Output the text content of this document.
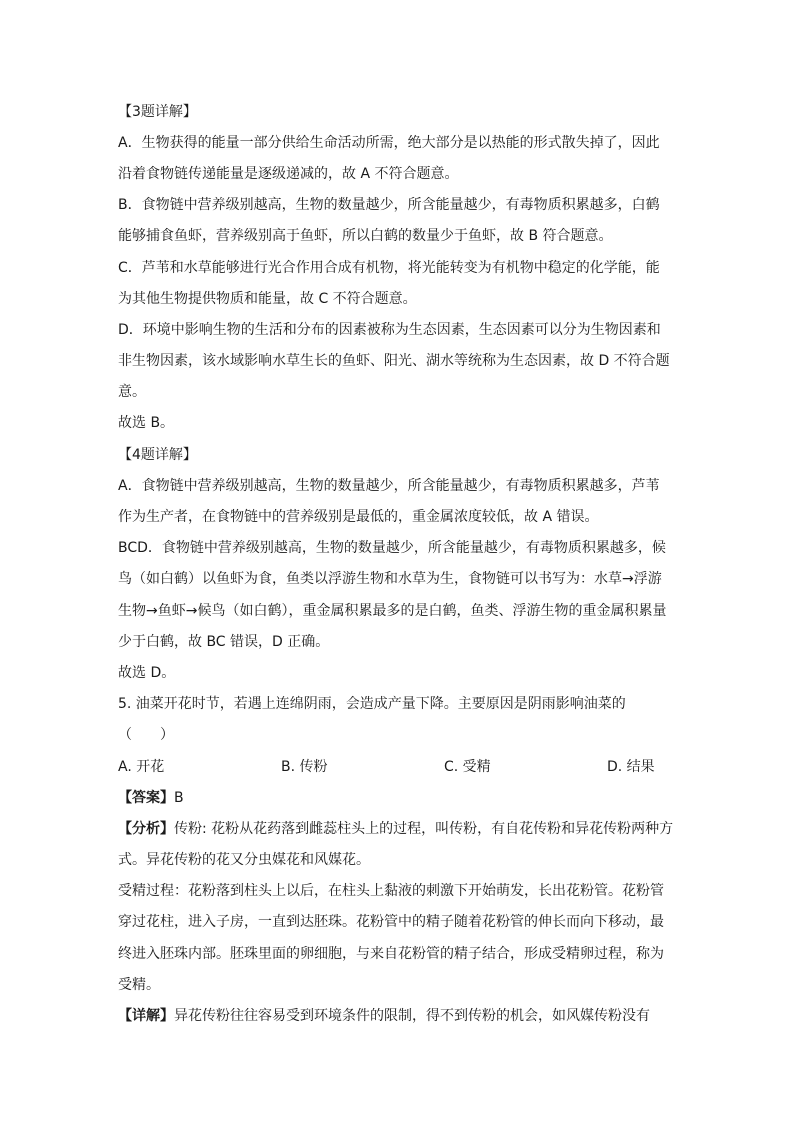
【3题详解】
A．生物获得的能量一部分供给生命活动所需，绝大部分是以热能的形式散失掉了，因此
沿着食物链传递能量是逐级递减的，故 A 不符合题意。
B．食物链中营养级别越高，生物的数量越少，所含能量越少，有毒物质积累越多，白鹤
能够捕食鱼虾，营养级别高于鱼虾，所以白鹤的数量少于鱼虾，故 B 符合题意。
C．芦苇和水草能够进行光合作用合成有机物，将光能转变为有机物中稳定的化学能，能
为其他生物提供物质和能量，故 C 不符合题意。
D．环境中影响生物的生活和分布的因素被称为生态因素，生态因素可以分为生物因素和
非生物因素，该水域影响水草生长的鱼虾、阳光、湖水等统称为生态因素，故 D 不符合题
意。
故选 B。
【4题详解】
A．食物链中营养级别越高，生物的数量越少，所含能量越少，有毒物质积累越多，芦苇
作为生产者，在食物链中的营养级别是最低的，重金属浓度较低，故 A 错误。
BCD．食物链中营养级别越高，生物的数量越少，所含能量越少，有毒物质积累越多，候
鸟（如白鹤）以鱼虾为食，鱼类以浮游生物和水草为生，食物链可以书写为：水草→浮游
生物→鱼虾→候鸟（如白鹤），重金属积累最多的是白鹤，鱼类、浮游生物的重金属积累量
少于白鹤，故 BC 错误，D 正确。
故选 D。
5. 油菜开花时节，若遇上连绵阴雨，会造成产量下降。主要原因是阴雨影响油菜的
（　　）
A. 开花	B. 传粉	C. 受精	D. 结果
【答案】B
【分析】传粉: 花粉从花药落到雌蕊柱头上的过程，叫传粉，有自花传粉和异花传粉两种方
式。异花传粉的花又分虫媒花和风媒花。
受精过程：花粉落到柱头上以后，在柱头上黏液的刺激下开始萌发，长出花粉管。花粉管
穿过花柱，进入子房，一直到达胚珠。花粉管中的精子随着花粉管的伸长而向下移动，最
终进入胚珠内部。胚珠里面的卵细胞，与来自花粉管的精子结合，形成受精卵过程，称为
受精。
【详解】异花传粉往往容易受到环境条件的限制，得不到传粉的机会，如风媒传粉没有
